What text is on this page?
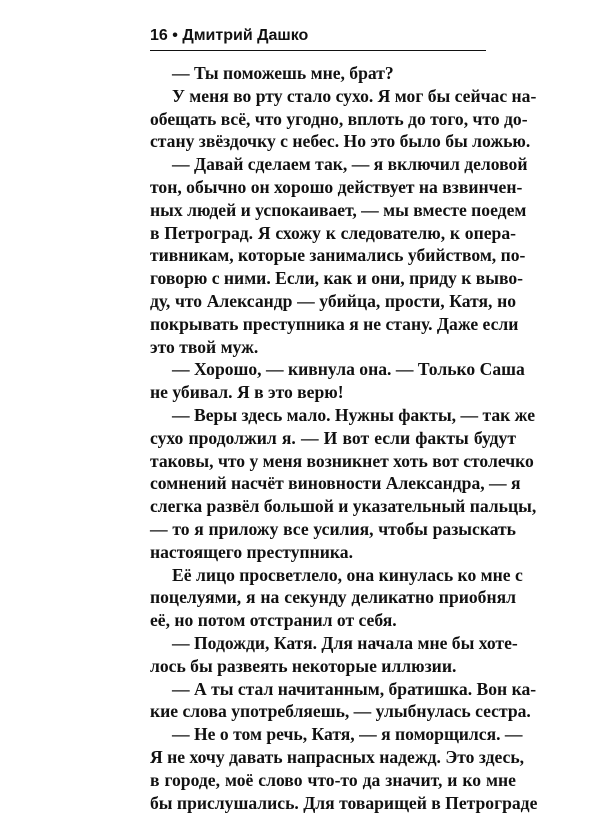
16 • Дмитрий Дашко
— Ты поможешь мне, брат?
У меня во рту стало сухо. Я мог бы сейчас на-
обещать всё, что угодно, вплоть до того, что до-
стану звёздочку с небес. Но это было бы ложью.
— Давай сделаем так, — я включил деловой
тон, обычно он хорошо действует на взвинчен-
ных людей и успокаивает, — мы вместе поедем
в Петроград. Я схожу к следователю, к опера-
тивникам, которые занимались убийством, по-
говорю с ними. Если, как и они, приду к выво-
ду, что Александр — убийца, прости, Катя, но
покрывать преступника я не стану. Даже если
это твой муж.
— Хорошо, — кивнула она. — Только Саша
не убивал. Я в это верю!
— Веры здесь мало. Нужны факты, — так же
сухо продолжил я. — И вот если факты будут
таковы, что у меня возникнет хоть вот столечко
сомнений насчёт виновности Александра, — я
слегка развёл большой и указательный пальцы,
— то я приложу все усилия, чтобы разыскать
настоящего преступника.
Её лицо просветлело, она кинулась ко мне с
поцелуями, я на секунду деликатно приобнял
её, но потом отстранил от себя.
— Подожди, Катя. Для начала мне бы хоте-
лось бы развеять некоторые иллюзии.
— А ты стал начитанным, братишка. Вон ка-
кие слова употребляешь, — улыбнулась сестра.
— Не о том речь, Катя, — я поморщился. —
Я не хочу давать напрасных надежд. Это здесь,
в городе, моё слово что-то да значит, и ко мне
бы прислушались. Для товарищей в Петрограде
